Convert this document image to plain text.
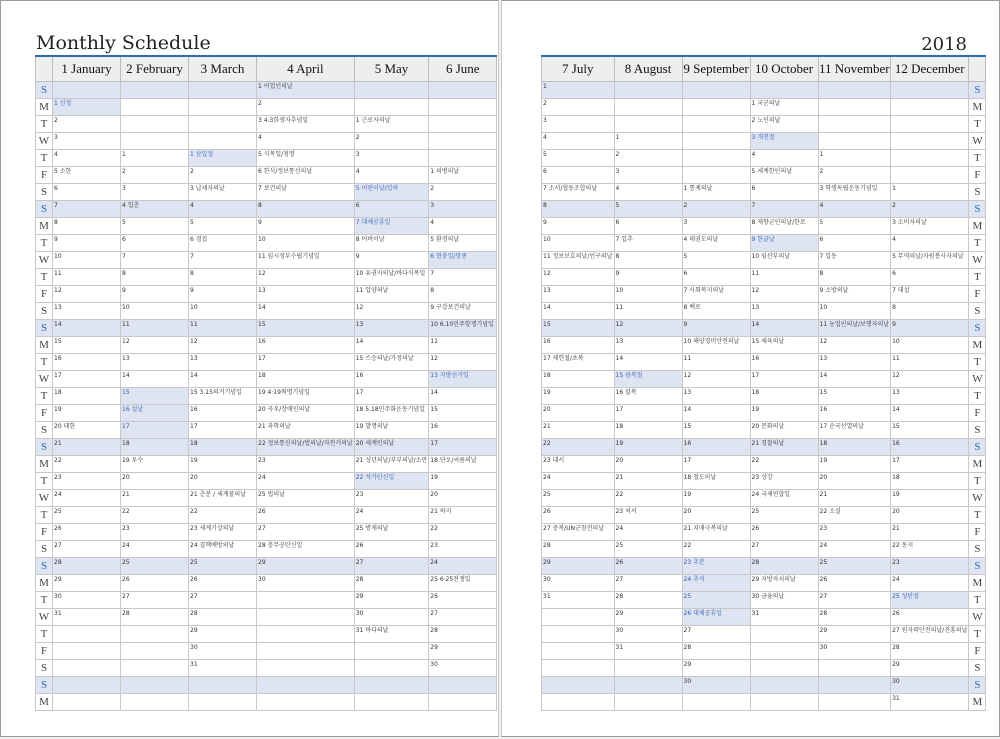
Monthly Schedule
	1 January	2 February	3 March	4 April	5 May	6 June
S				1 어업인의날		
M	1 신정			2		
T	2			3 4.3희생자추념일	1 근로자의날	
W	3			4	2	
T	4	1	1 삼일절	5 식목일/청명	3	
F	5 소한	2	2	6 한식/정보통신의날	4	1 의병의날
S	6	3	3 납세자의날	7 보건의날	5 어린이날/입하	2
S	7	4 입춘	4	8	6	3
M	8	5	5	9	7 대체공휴일	4
T	9	6	6 경칩	10	8 어버이날	5 환경의날
W	10	7	7	11 임시정부수립기념일	9	6 현충일/망종
T	11	8	8	12	10 유권자의날/바다식목일	7
F	12	9	9	13	11 입양의날	8
S	13	10	10	14	12	9 구강보건의날
S	14	11	11	15	13	10 6.10민주항쟁기념일
M	15	12	12	16	14	11
T	16	13	13	17	15 스승의날/가정의날	12
W	17	14	14	18	16	13 지방선거일
T	18	15	15 3.15의거기념일	19 4·19혁명기념일	17	14
F	19	16 설날	16	20 곡우/장애인의날	18 5.18민주화운동기념일	15
S	20 대한	17	17	21 과학의날	19 발명의날	16
S	21	18	18	22 정보통신의날/법의날/자전거의날	20 세계인의날	17
M	22	19 우수	19	23	21 성년의날/부부의날/소만	18 단오/씨름의날
T	23	20	20	24	22 석가탄신일	19
W	24	21	21 춘분 / 세계물의날	25 법의날	23	20
T	25	22	22	26	24	21 하지
F	26	23	23 세계기상의날	27	25 방재의날	22
S	27	24	24 결핵예방의날	28 충무공탄신일	26	23
S	28	25	25	29	27	24
M	29	26	26	30	28	25 6·25전쟁일
T	30	27	27		29	26
W	31	28	28		30	27
T			29		31 바다의날	28
F			30			29
S			31			30
S						
M						
2018
7 July	8 August	9 September	10 October	11 November	12 December	
1						S
2			1 국군의날			M
3			2 노인의날			T
4	1		3 개천절			W
5	2		4	1		T
6	3		5 세계한인의날	2		F
7 소서/협동조합의날	4	1 통계의날	6	3 학생독립운동기념일	1	S
8	5	2	7	4	2	S
9	6	3	8 재향군인의날/한로	5	3 소비자의날	M
10	7 입추	4 태권도의날	9 한글날	6	4	T
11 정보보호의날/인구의날	8	5	10 임산부의날	7 입동	5 무역의날/자원봉사자의날	W
12	9	6	11	8	6	T
13	10	7 사회복지의날	12	9 소방의날	7 대설	F
14	11	8 백로	13	10	8	S
15	12	9	14	11 농업인의날/보행자의날	9	S
16	13	10 해양경비안전의날	15 체육의날	12	10	M
17 제헌절/초복	14	11	16	13	11	T
18	15 광복절	12	17	14	12	W
19	16 말복	13	18	15	13	T
20	17	14	19	16	14	F
21	18	15	20 문화의날	17 순국선열의날	15	S
22	19	16	21 경찰의날	18	16	S
23 대서	20	17	22	19	17	M
24	21	18 철도의날	23 상강	20	18	T
25	22	19	24 국제연합일	21	19	W
26	23 처서	20	25	22 소설	20	T
27 중복/UN군참전의날	24	21 치매극복의날	26	23	21	F
28	25	22	27	24	22 동지	S
29	26	23 추분	28	25	23	S
30	27	24 추석	29 지방자치의날	26	24	M
31	28	25	30 금융의날	27	25 성탄절	T
	29	26 대체공휴일	31	28	26	W
	30	27		29	27 원자력안전의날/진흥의날	T
	31	28		30	28	F
		29			29	S
		30			30	S
					31	M
